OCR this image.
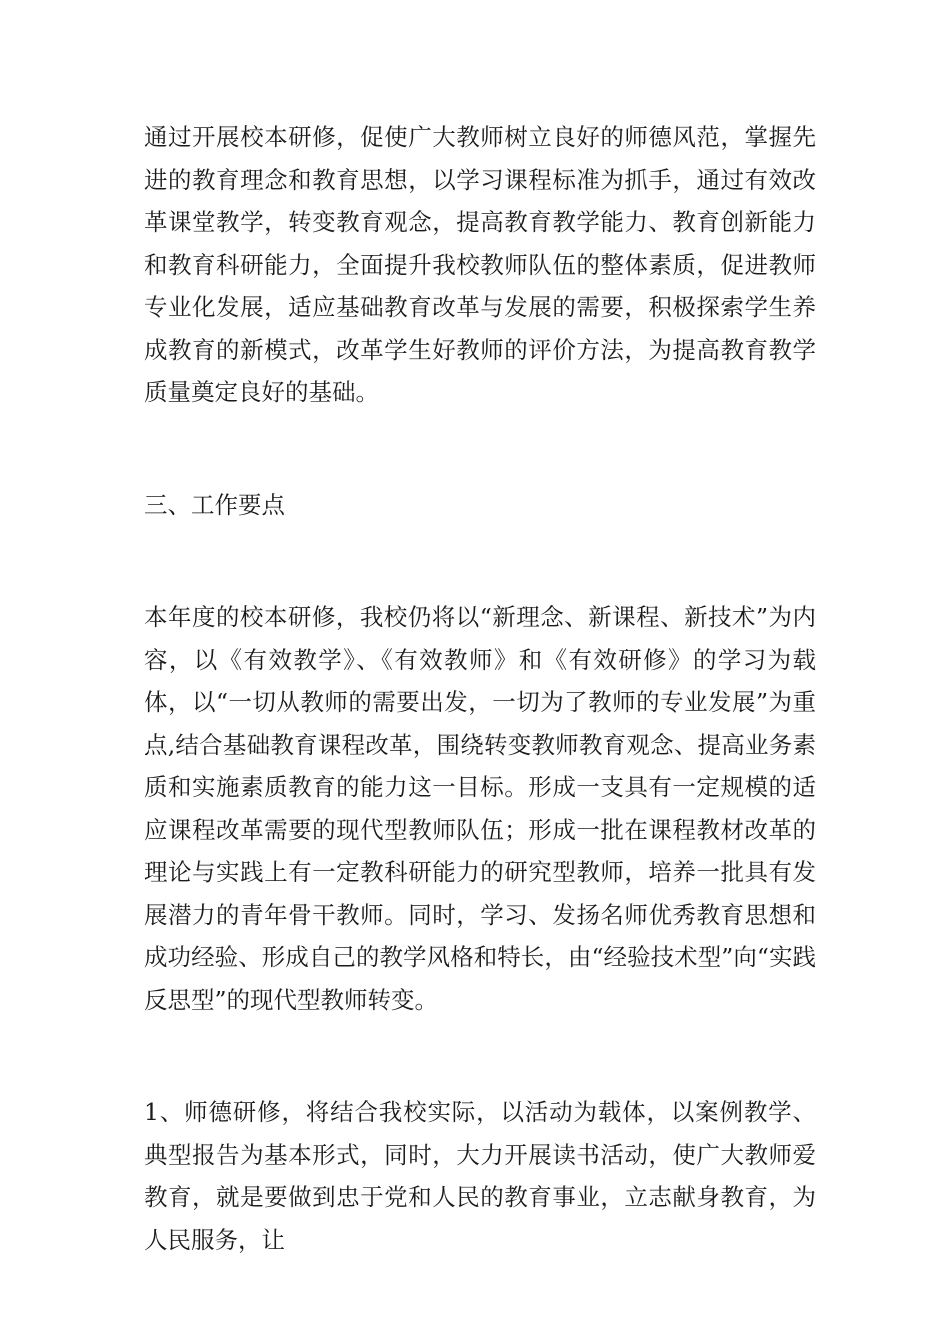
通过开展校本研修，促使广大教师树立良好的师德风范，掌握先进的教育理念和教育思想，以学习课程标准为抓手，通过有效改革课堂教学，转变教育观念，提高教育教学能力、教育创新能力和教育科研能力，全面提升我校教师队伍的整体素质，促进教师专业化发展，适应基础教育改革与发展的需要，积极探索学生养成教育的新模式，改革学生好教师的评价方法，为提高教育教学质量奠定良好的基础。

三、工作要点

本年度的校本研修，我校仍将以“新理念、新课程、新技术”为内容，以《有效教学》、《有效教师》和《有效研修》的学习为载体，以“一切从教师的需要出发，一切为了教师的专业发展”为重点,结合基础教育课程改革，围绕转变教师教育观念、提高业务素质和实施素质教育的能力这一目标。形成一支具有一定规模的适应课程改革需要的现代型教师队伍；形成一批在课程教材改革的理论与实践上有一定教科研能力的研究型教师，培养一批具有发展潜力的青年骨干教师。同时，学习、发扬名师优秀教育思想和成功经验、形成自己的教学风格和特长，由“经验技术型”向“实践反思型”的现代型教师转变。

1、师德研修，将结合我校实际，以活动为载体，以案例教学、典型报告为基本形式，同时，大力开展读书活动，使广大教师爱教育，就是要做到忠于党和人民的教育事业，立志献身教育，为人民服务，让
